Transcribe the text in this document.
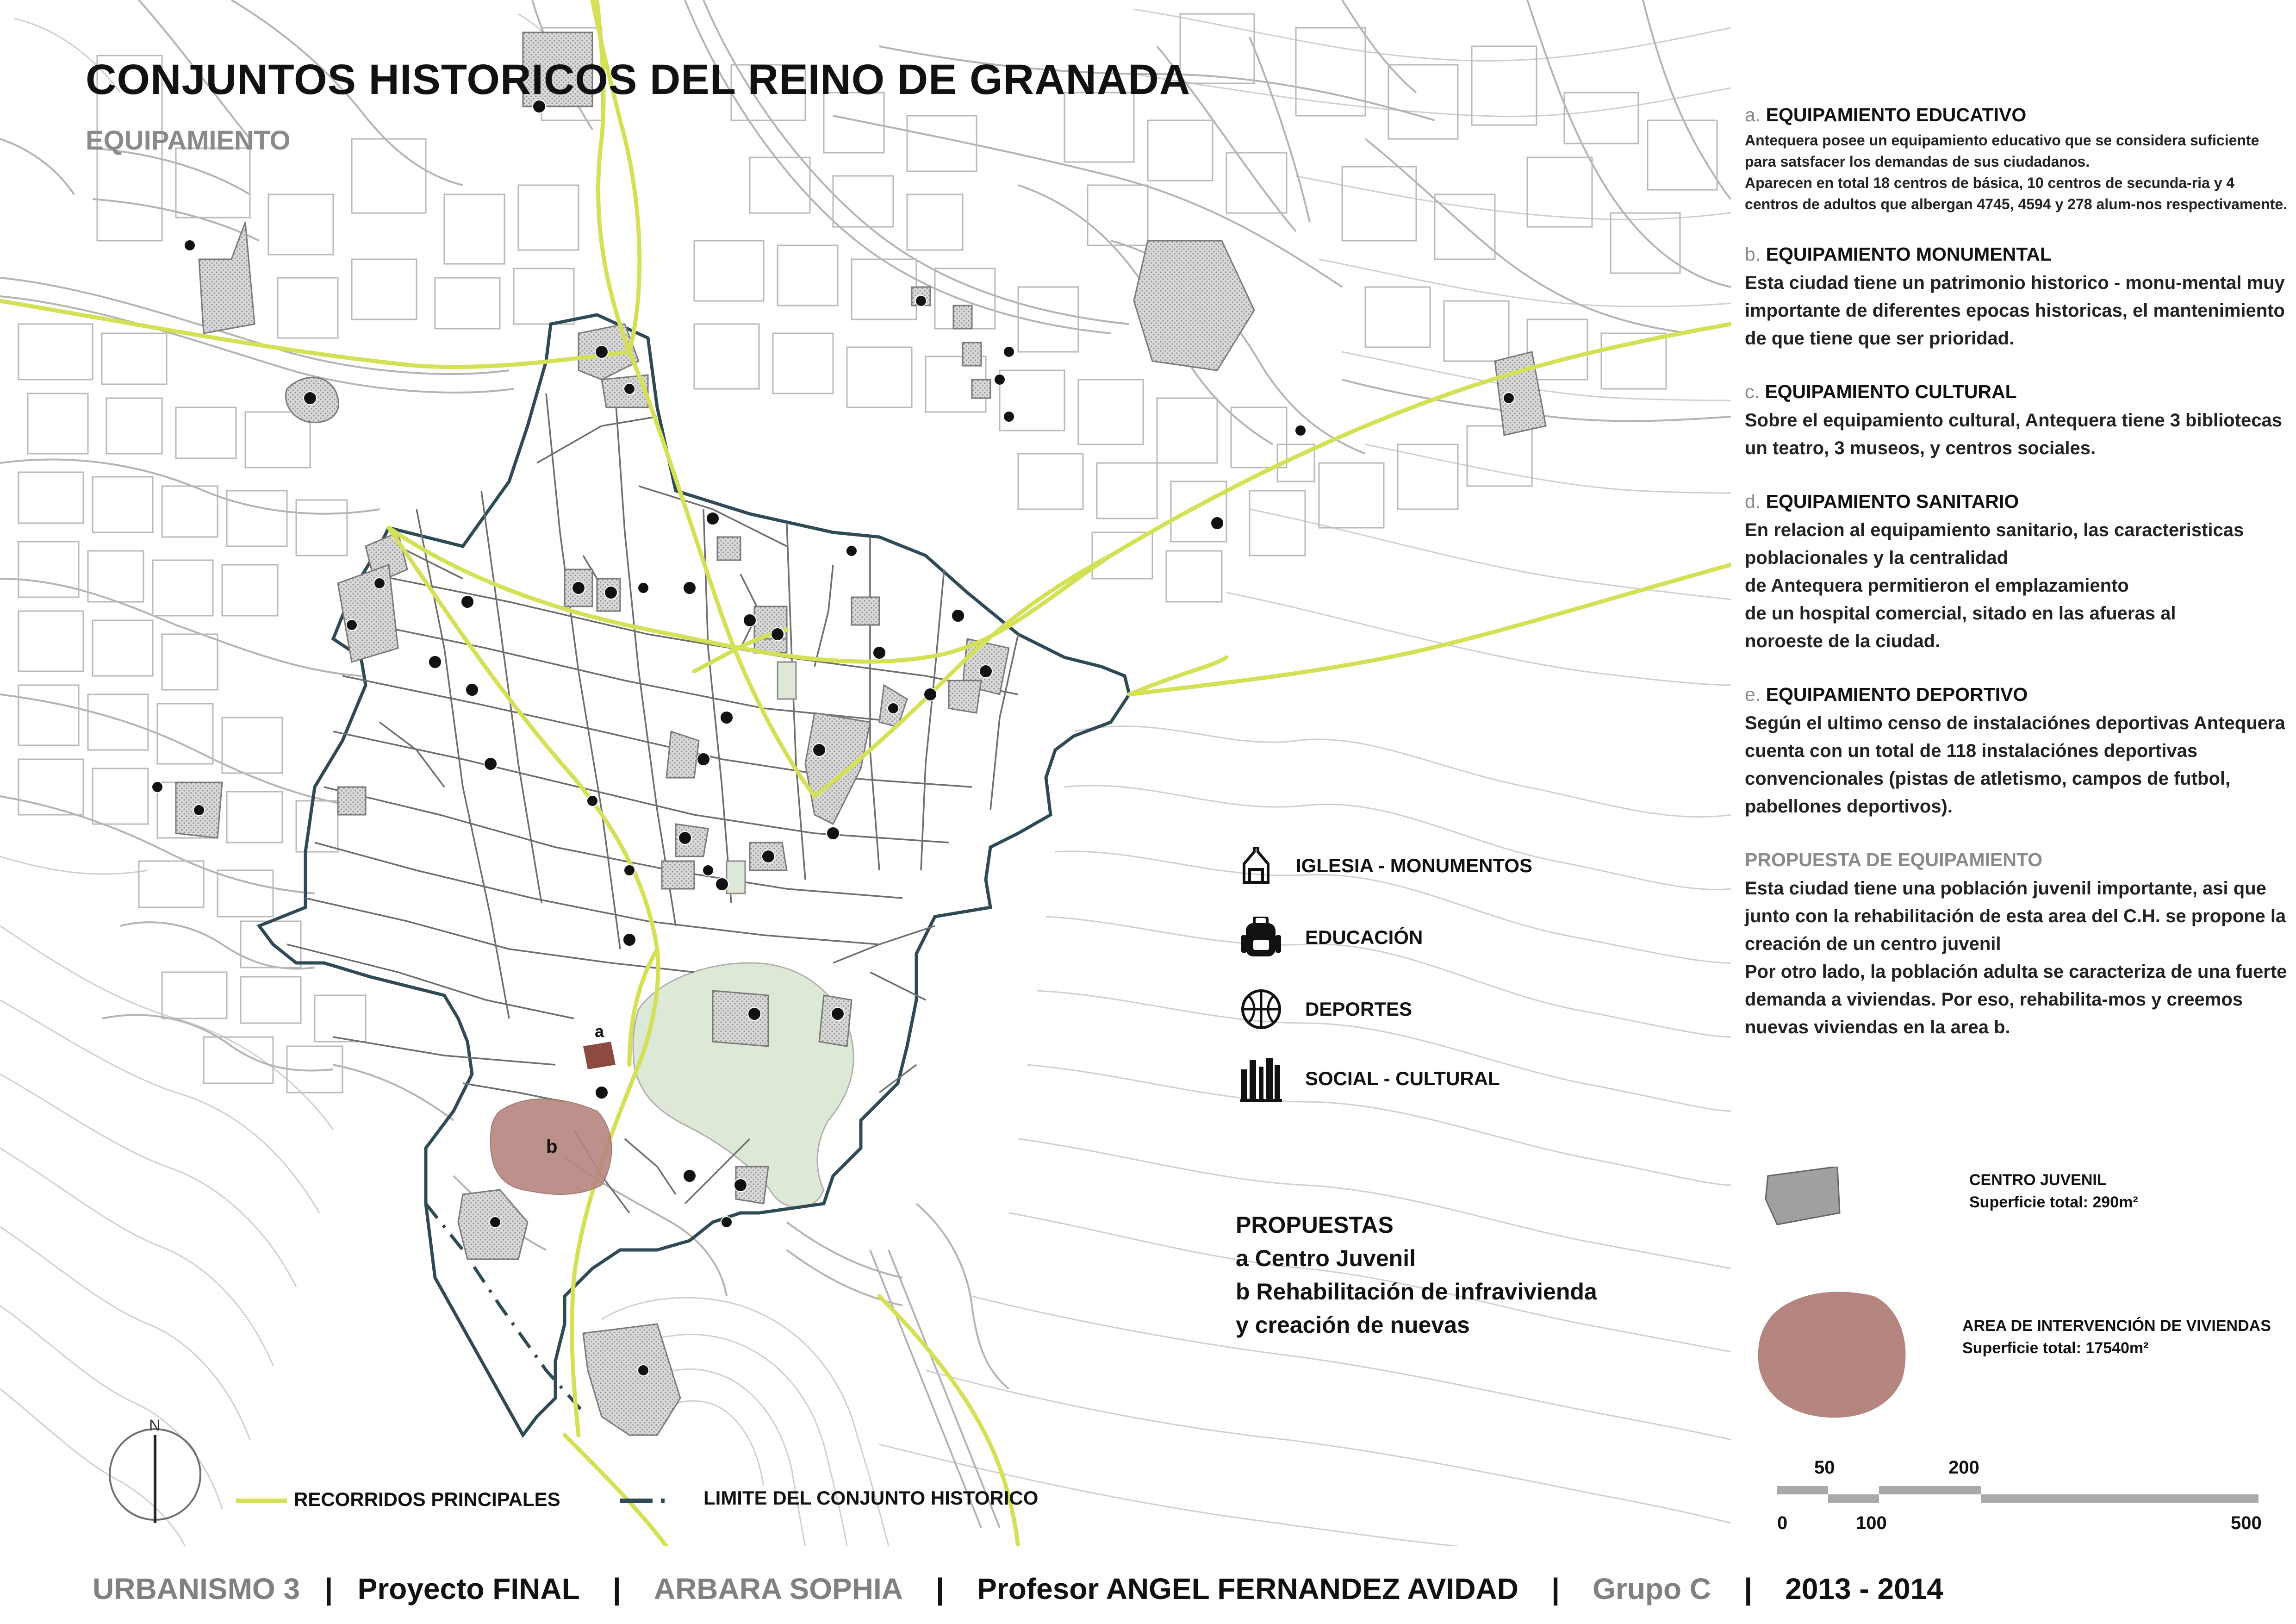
a
b
N
CONJUNTOS HISTORICOS DEL REINO DE GRANADA
EQUIPAMIENTO
IGLESIA - MONUMENTOS
EDUCACIÓN
DEPORTES
SOCIAL - CULTURAL
PROPUESTAS
a Centro Juvenil
b Rehabilitación de infravivienda
y creación de nuevas
RECORRIDOS PRINCIPALES	LIMITE DEL CONJUNTO HISTORICO
a. EQUIPAMIENTO EDUCATIVO
Antequera posee un equipamiento educativo que se considera suficiente para satsfacer los demandas de sus ciudadanos.
Aparecen en total 18 centros de básica, 10 centros de secunda-ria y 4 centros de adultos que albergan 4745, 4594 y 278 alum-nos respectivamente.
b. EQUIPAMIENTO MONUMENTAL
Esta ciudad tiene un patrimonio historico - monu-mental muy importante de diferentes epocas historicas, el mantenimiento de que tiene que ser prioridad.
c. EQUIPAMIENTO CULTURAL
Sobre el equipamiento cultural, Antequera tiene 3 bibliotecas un teatro, 3 museos, y centros sociales.
d. EQUIPAMIENTO SANITARIO
En relacion al equipamiento sanitario, las caracteristicas poblacionales y la centralidad
de Antequera permitieron el emplazamiento
de un hospital comercial, sitado en las afueras al
noroeste de la ciudad.
e. EQUIPAMIENTO DEPORTIVO
Según el ultimo censo de instalaciónes deportivas Antequera cuenta con un total de 118 instalaciónes deportivas convencionales (pistas de atletismo, campos de futbol, pabellones deportivos).
PROPUESTA DE EQUIPAMIENTO
Esta ciudad tiene una población juvenil importante, asi que junto con la rehabilitación de esta area del C.H. se propone la creación de un centro juvenil
Por otro lado, la población adulta se caracteriza de una fuerte demanda a viviendas. Por eso, rehabilita-mos y creemos nuevas viviendas en la area b.
CENTRO JUVENIL
Superficie total: 290m²
AREA DE INTERVENCIÓN DE VIVIENDAS
Superficie total: 17540m²
50	200
0	100	500
URBANISMO 3
|
Proyecto FINAL
|
ARBARA SOPHIA
|
Profesor ANGEL FERNANDEZ AVIDAD
|
Grupo C
|
2013 - 2014
